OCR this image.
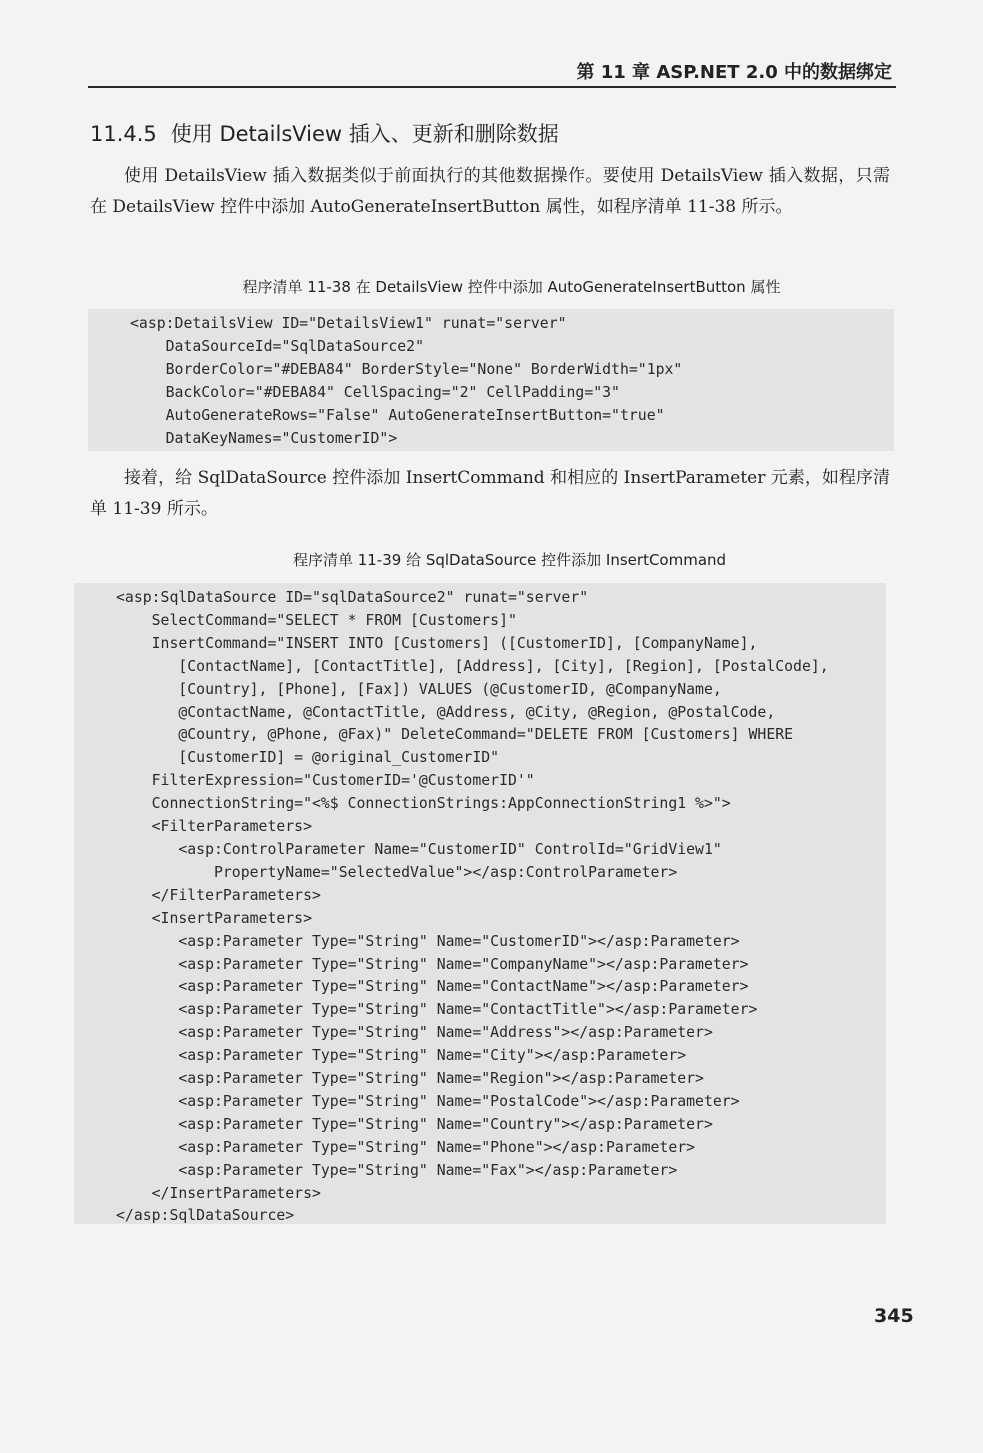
第 11 章 ASP.NET 2.0 中的数据绑定
11.4.5 使用 DetailsView 插入、更新和删除数据

使用 DetailsView 插入数据类似于前面执行的其他数据操作。要使用 DetailsView 插入数据，只需在 DetailsView 控件中添加 AutoGenerateInsertButton 属性，如程序清单 11-38 所示。

程序清单 11-38 在 DetailsView 控件中添加 AutoGenerateInsertButton 属性
<asp:DetailsView ID="DetailsView1" runat="server"
DataSourceId="SqlDataSource2"
BorderColor="#DEBA84" BorderStyle="None" BorderWidth="1px"
BackColor="#DEBA84" CellSpacing="2" CellPadding="3"
AutoGenerateRows="False" AutoGenerateInsertButton="true"
DataKeyNames="CustomerID">

接着，给 SqlDataSource 控件添加 InsertCommand 和相应的 InsertParameter 元素，如程序清单 11-39 所示。

程序清单 11-39 给 SqlDataSource 控件添加 InsertCommand
<asp:SqlDataSource ID="sqlDataSource2" runat="server"
SelectCommand="SELECT * FROM [Customers]"
InsertCommand="INSERT INTO [Customers] ([CustomerID], [CompanyName],
[ContactName], [ContactTitle], [Address], [City], [Region], [PostalCode],
[Country], [Phone], [Fax]) VALUES (@CustomerID, @CompanyName,
@ContactName, @ContactTitle, @Address, @City, @Region, @PostalCode,
@Country, @Phone, @Fax)" DeleteCommand="DELETE FROM [Customers] WHERE
[CustomerID] = @original_CustomerID"
FilterExpression="CustomerID='@CustomerID'"
ConnectionString="<%$ ConnectionStrings:AppConnectionString1 %>">
<FilterParameters>
<asp:ControlParameter Name="CustomerID" ControlId="GridView1"
PropertyName="SelectedValue"></asp:ControlParameter>
</FilterParameters>
<InsertParameters>
<asp:Parameter Type="String" Name="CustomerID"></asp:Parameter>
<asp:Parameter Type="String" Name="CompanyName"></asp:Parameter>
<asp:Parameter Type="String" Name="ContactName"></asp:Parameter>
<asp:Parameter Type="String" Name="ContactTitle"></asp:Parameter>
<asp:Parameter Type="String" Name="Address"></asp:Parameter>
<asp:Parameter Type="String" Name="City"></asp:Parameter>
<asp:Parameter Type="String" Name="Region"></asp:Parameter>
<asp:Parameter Type="String" Name="PostalCode"></asp:Parameter>
<asp:Parameter Type="String" Name="Country"></asp:Parameter>
<asp:Parameter Type="String" Name="Phone"></asp:Parameter>
<asp:Parameter Type="String" Name="Fax"></asp:Parameter>
</InsertParameters>
</asp:SqlDataSource>
345
